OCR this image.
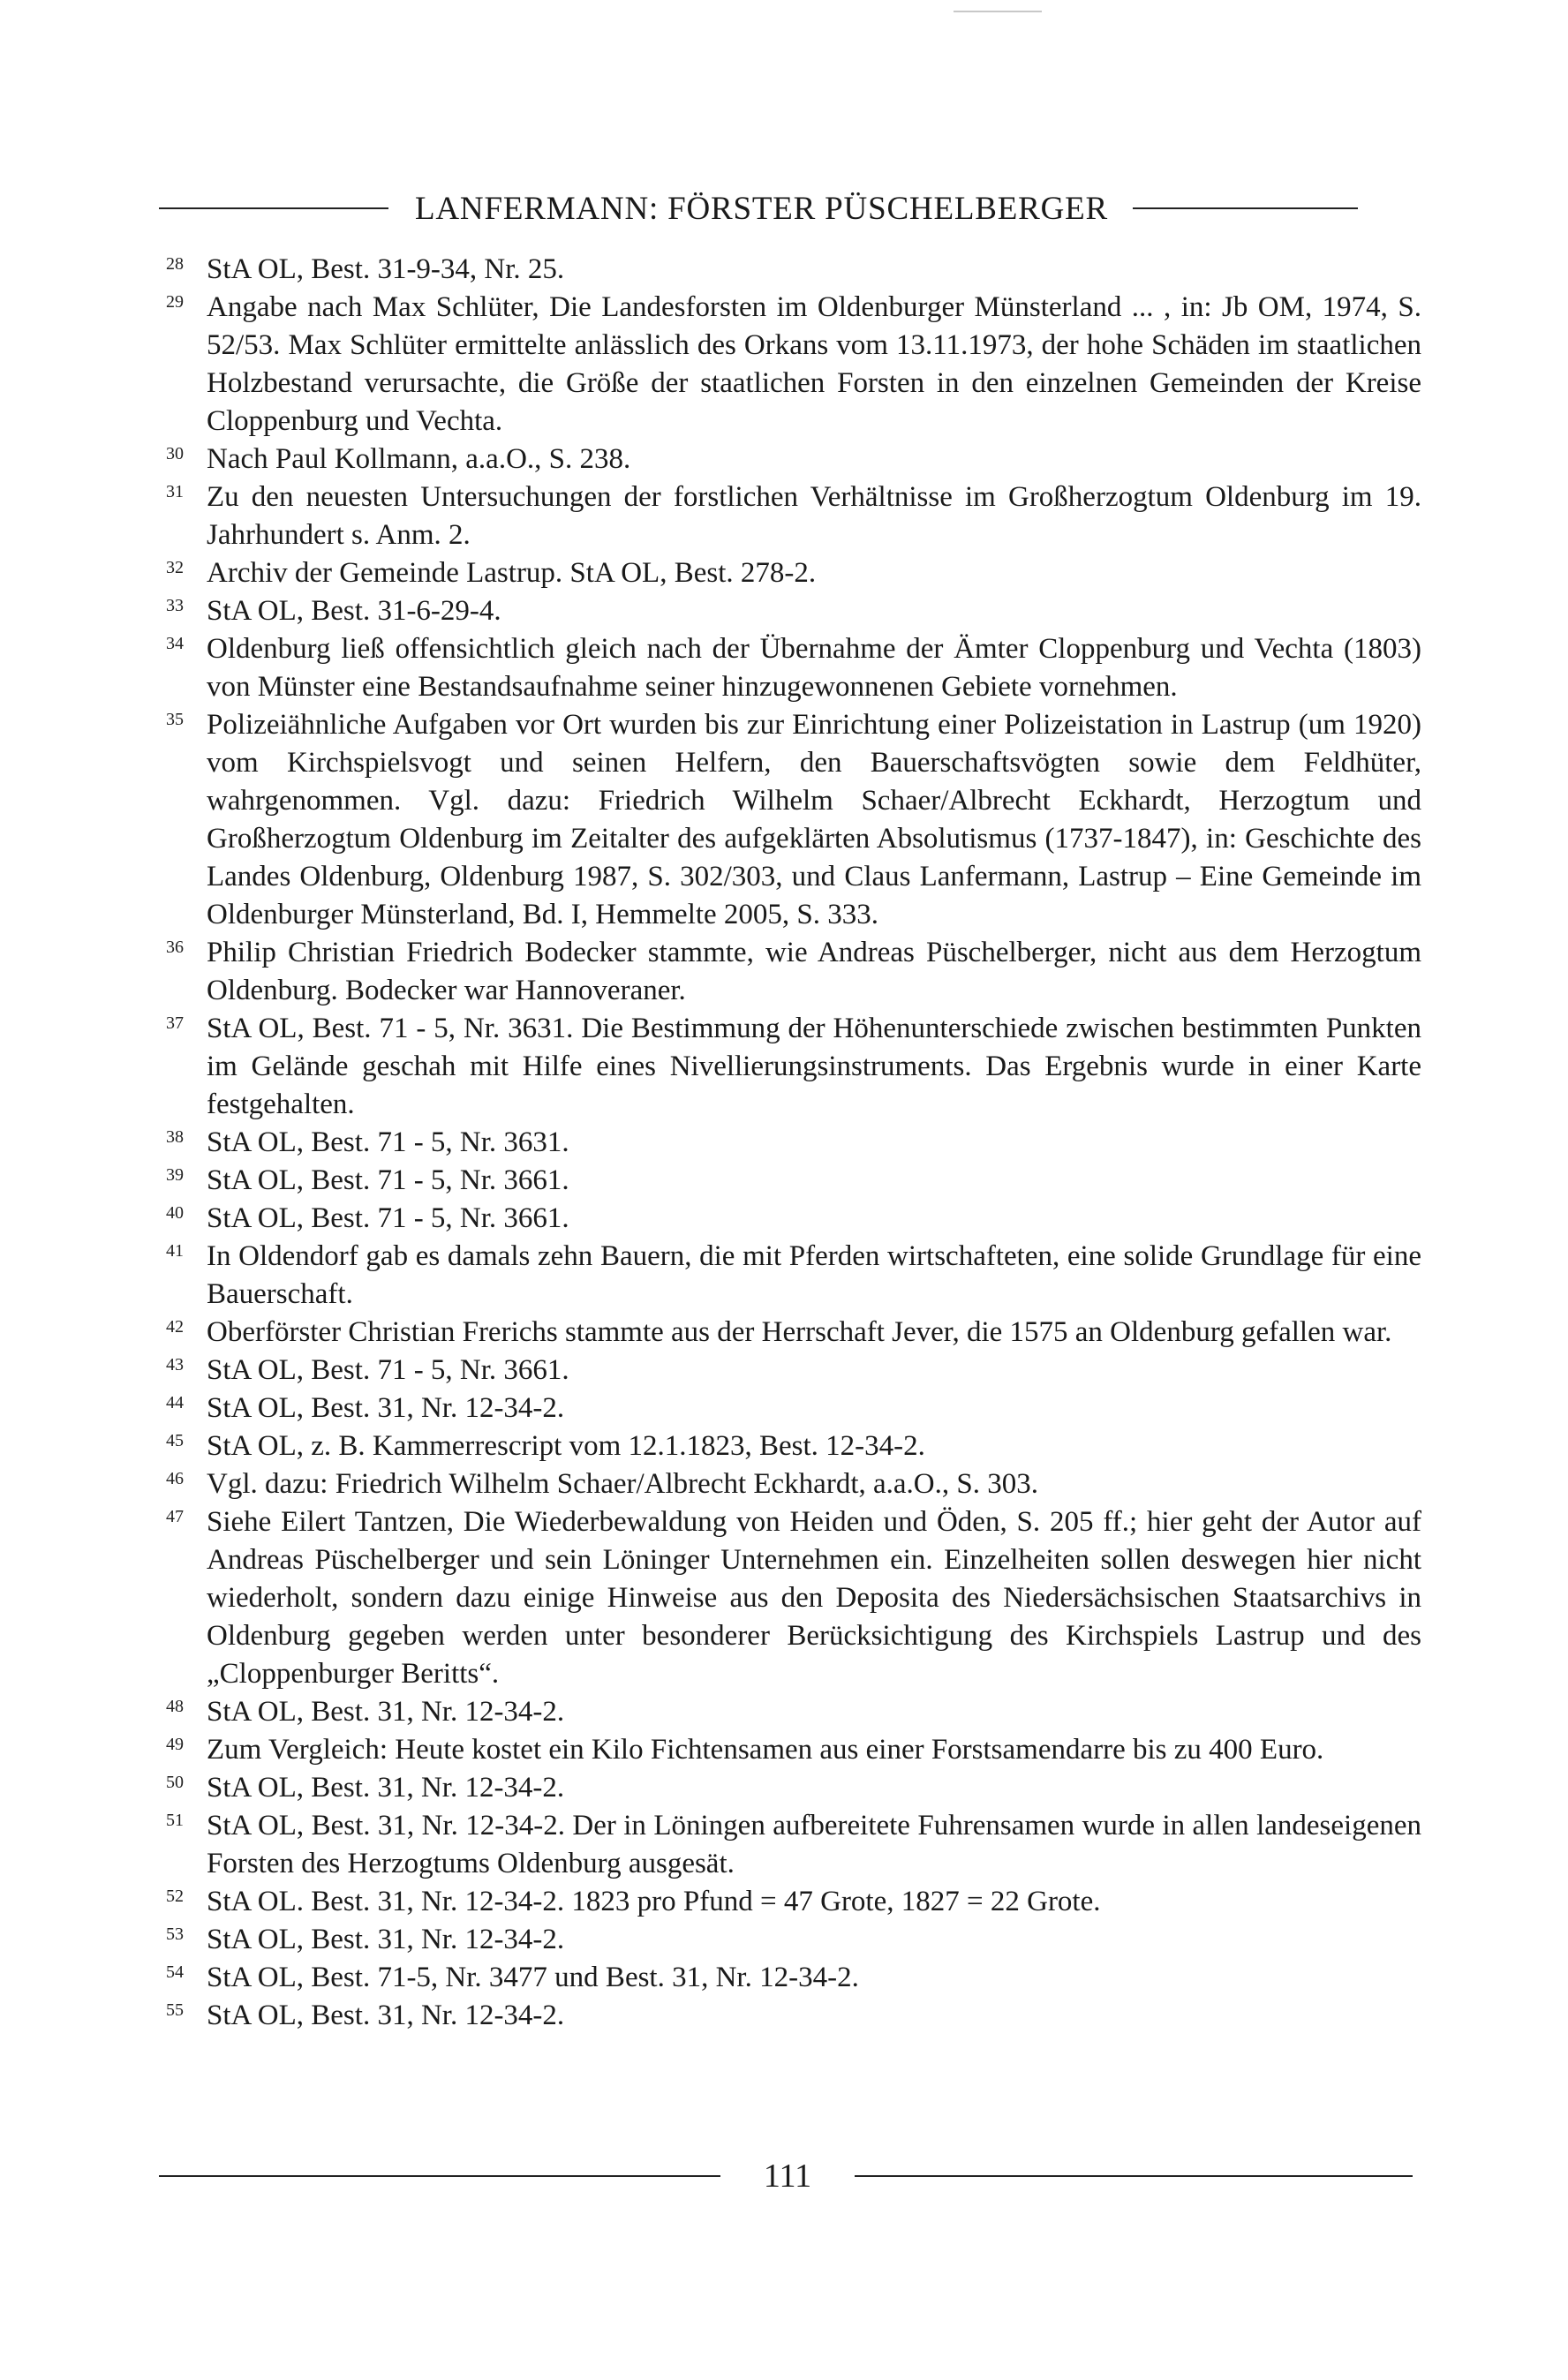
LANFERMANN: FÖRSTER PÜSCHELBERGER
28 StA OL, Best. 31-9-34, Nr. 25.
29 Angabe nach Max Schlüter, Die Landesforsten im Oldenburger Münsterland ... , in: Jb OM, 1974, S. 52/53. Max Schlüter ermittelte anlässlich des Orkans vom 13.11.1973, der hohe Schäden im staatlichen Holzbestand verursachte, die Größe der staatlichen Forsten in den einzelnen Gemeinden der Kreise Cloppenburg und Vechta.
30 Nach Paul Kollmann, a.a.O., S. 238.
31 Zu den neuesten Untersuchungen der forstlichen Verhältnisse im Großherzogtum Oldenburg im 19. Jahrhundert s. Anm. 2.
32 Archiv der Gemeinde Lastrup. StA OL, Best. 278-2.
33 StA OL, Best. 31-6-29-4.
34 Oldenburg ließ offensichtlich gleich nach der Übernahme der Ämter Cloppenburg und Vechta (1803) von Münster eine Bestandsaufnahme seiner hinzugewonnenen Gebiete vornehmen.
35 Polizeiähnliche Aufgaben vor Ort wurden bis zur Einrichtung einer Polizeistation in Lastrup (um 1920) vom Kirchspielsvogt und seinen Helfern, den Bauerschaftsvögten sowie dem Feldhüter, wahrgenommen. Vgl. dazu: Friedrich Wilhelm Schaer/Albrecht Eckhardt, Herzogtum und Großherzogtum Oldenburg im Zeitalter des aufgeklärten Absolutismus (1737-1847), in: Geschichte des Landes Oldenburg, Oldenburg 1987, S. 302/303, und Claus Lanfermann, Lastrup – Eine Gemeinde im Oldenburger Münsterland, Bd. I, Hemmelte 2005, S. 333.
36 Philip Christian Friedrich Bodecker stammte, wie Andreas Püschelberger, nicht aus dem Herzogtum Oldenburg. Bodecker war Hannoveraner.
37 StA OL, Best. 71 - 5, Nr. 3631. Die Bestimmung der Höhenunterschiede zwischen bestimmten Punkten im Gelände geschah mit Hilfe eines Nivellierungsinstruments. Das Ergebnis wurde in einer Karte festgehalten.
38 StA OL, Best. 71 - 5, Nr. 3631.
39 StA OL, Best. 71 - 5, Nr. 3661.
40 StA OL, Best. 71 - 5, Nr. 3661.
41 In Oldendorf gab es damals zehn Bauern, die mit Pferden wirtschafteten, eine solide Grundlage für eine Bauerschaft.
42 Oberförster Christian Frerichs stammte aus der Herrschaft Jever, die 1575 an Oldenburg gefallen war.
43 StA OL, Best. 71 - 5, Nr. 3661.
44 StA OL, Best. 31, Nr. 12-34-2.
45 StA OL, z. B. Kammerrescript vom 12.1.1823, Best. 12-34-2.
46 Vgl. dazu: Friedrich Wilhelm Schaer/Albrecht Eckhardt, a.a.O., S. 303.
47 Siehe Eilert Tantzen, Die Wiederbewaldung von Heiden und Öden, S. 205 ff.; hier geht der Autor auf Andreas Püschelberger und sein Löninger Unternehmen ein. Einzelheiten sollen deswegen hier nicht wiederholt, sondern dazu einige Hinweise aus den Deposita des Niedersächsischen Staatsarchivs in Oldenburg gegeben werden unter besonderer Berücksichtigung des Kirchspiels Lastrup und des „Cloppenburger Beritts“.
48 StA OL, Best. 31, Nr. 12-34-2.
49 Zum Vergleich: Heute kostet ein Kilo Fichtensamen aus einer Forstsamendarre bis zu 400 Euro.
50 StA OL, Best. 31, Nr. 12-34-2.
51 StA OL, Best. 31, Nr. 12-34-2. Der in Löningen aufbereitete Fuhrensamen wurde in allen landeseigenen Forsten des Herzogtums Oldenburg ausgesät.
52 StA OL. Best. 31, Nr. 12-34-2. 1823 pro Pfund = 47 Grote, 1827 = 22 Grote.
53 StA OL, Best. 31, Nr. 12-34-2.
54 StA OL, Best. 71-5, Nr. 3477 und Best. 31, Nr. 12-34-2.
55 StA OL, Best. 31, Nr. 12-34-2.
111
